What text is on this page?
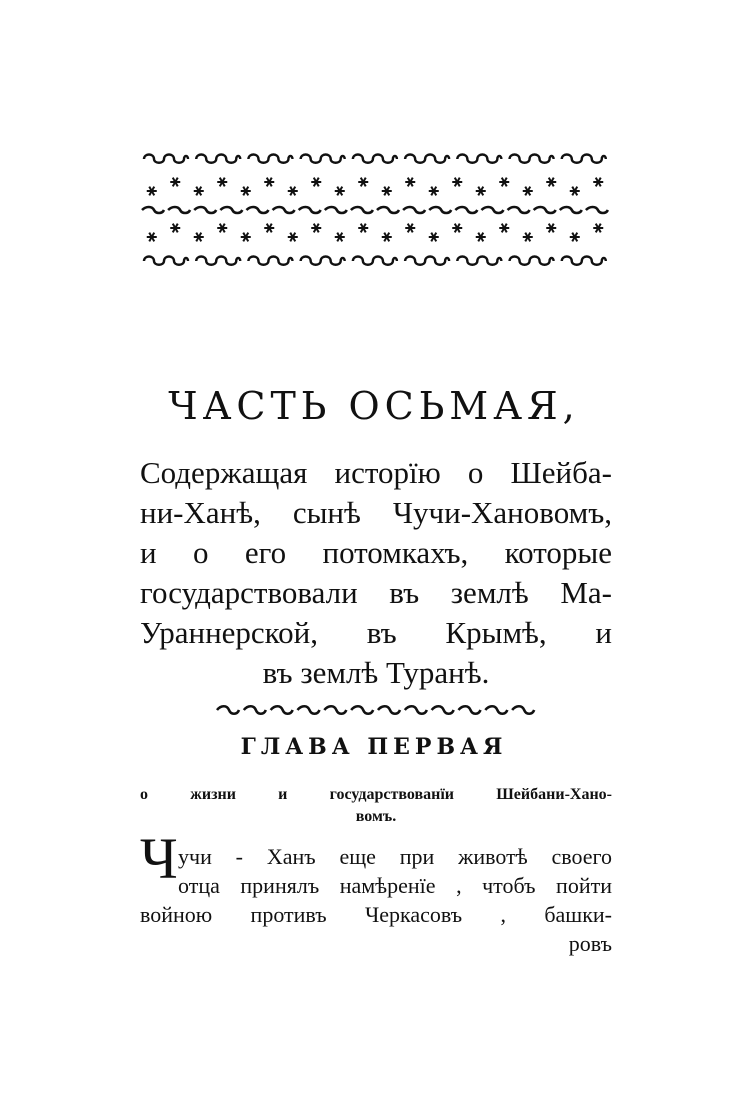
ЧАСТЬ ОСЬМАЯ,
Содержащая исторїю о Шейба-
ни-Ханѣ, сынѣ Чучи-Хановомъ,
и о его потомкахъ, которые
государствовали въ землѣ Ма-
Ураннерской, въ Крымѣ, и
въ землѣ Туранѣ.
ГЛАВА ПЕРВАЯ
о жизни и государствованїи Шейбани-Хано-
вомъ.
Ч учи - Ханъ еще при животѣ своего
отца принялъ намѣренїе , чтобъ пойти
войною противъ Черкасовъ , башки-
ровъ
